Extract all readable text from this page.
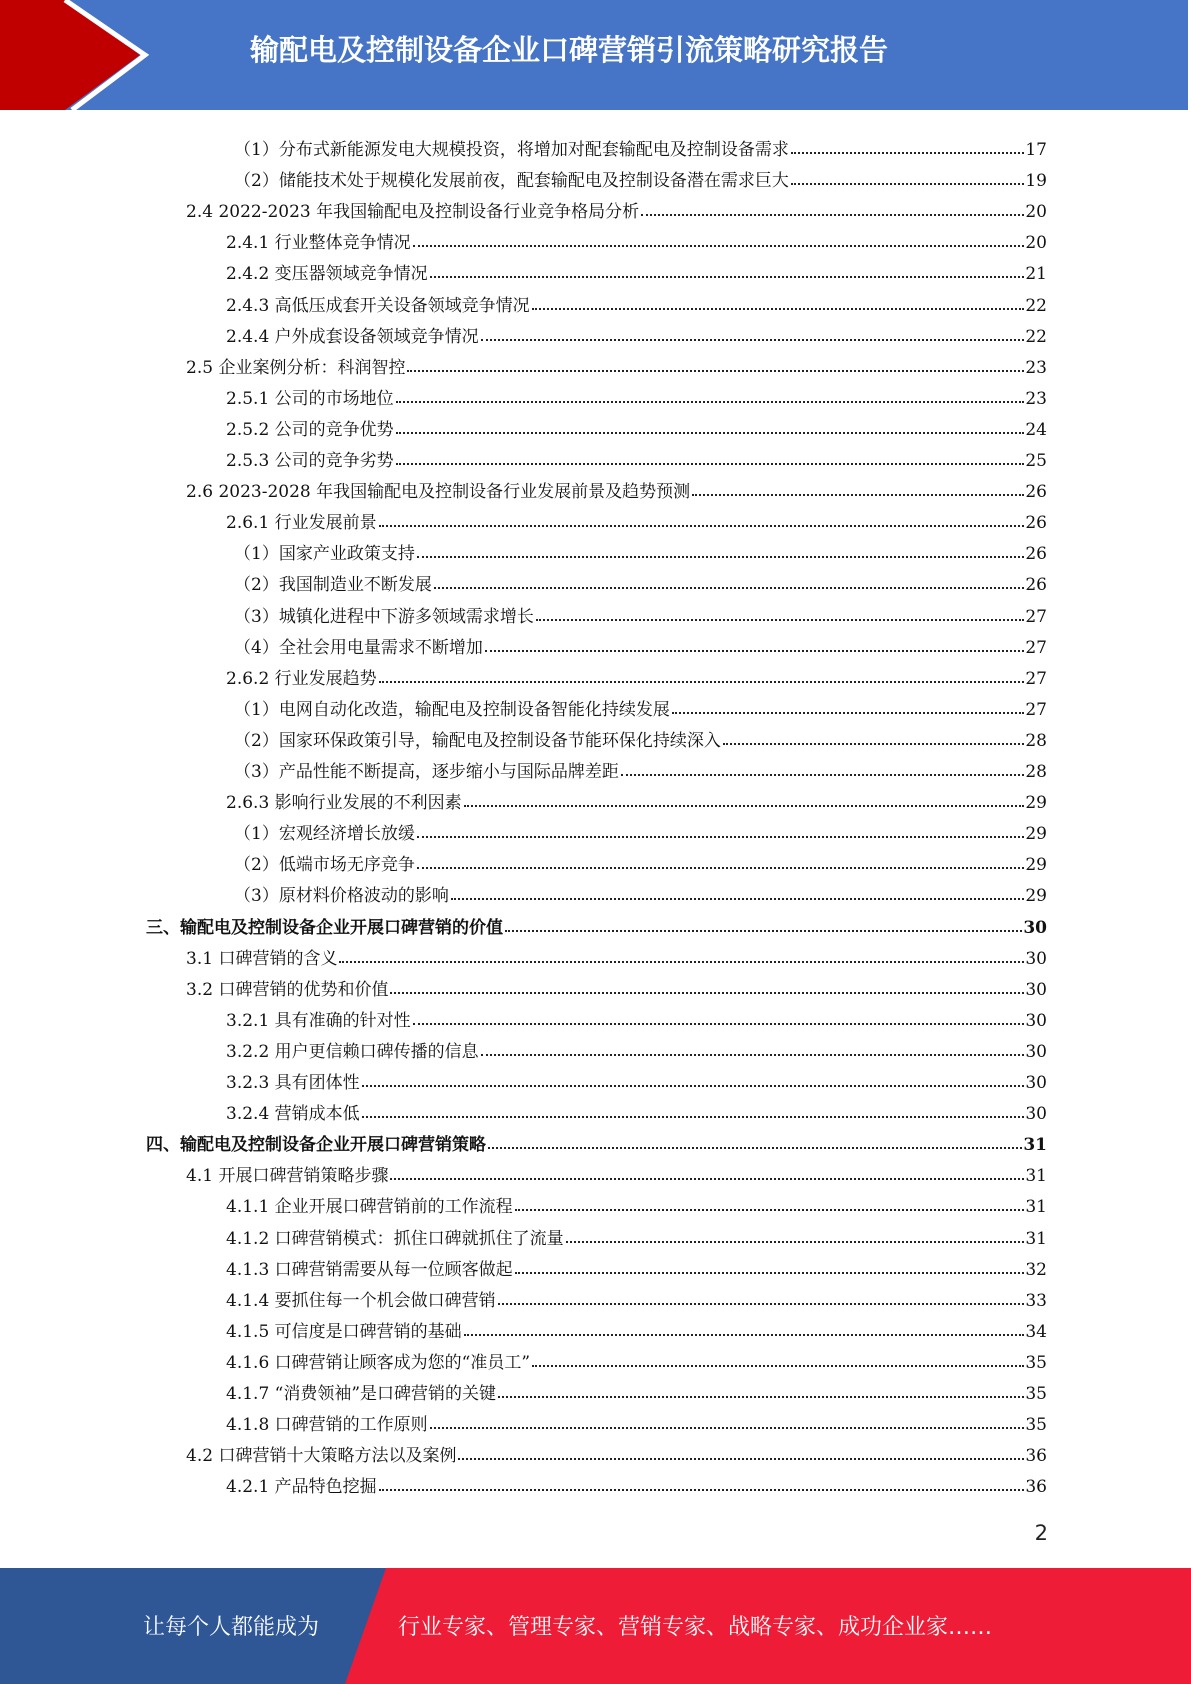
输配电及控制设备企业口碑营销引流策略研究报告
（1）分布式新能源发电大规模投资，将增加对配套输配电及控制设备需求	17
（2）储能技术处于规模化发展前夜，配套输配电及控制设备潜在需求巨大	19
2.4 2022-2023 年我国输配电及控制设备行业竞争格局分析	20
2.4.1 行业整体竞争情况	20
2.4.2 变压器领域竞争情况	21
2.4.3 高低压成套开关设备领域竞争情况	22
2.4.4 户外成套设备领域竞争情况	22
2.5 企业案例分析：科润智控	23
2.5.1 公司的市场地位	23
2.5.2 公司的竞争优势	24
2.5.3 公司的竞争劣势	25
2.6 2023-2028 年我国输配电及控制设备行业发展前景及趋势预测	26
2.6.1 行业发展前景	26
（1）国家产业政策支持	26
（2）我国制造业不断发展	26
（3）城镇化进程中下游多领域需求增长	27
（4）全社会用电量需求不断增加	27
2.6.2 行业发展趋势	27
（1）电网自动化改造，输配电及控制设备智能化持续发展	27
（2）国家环保政策引导，输配电及控制设备节能环保化持续深入	28
（3）产品性能不断提高，逐步缩小与国际品牌差距	28
2.6.3 影响行业发展的不利因素	29
（1）宏观经济增长放缓	29
（2）低端市场无序竞争	29
（3）原材料价格波动的影响	29
三、输配电及控制设备企业开展口碑营销的价值	30
3.1 口碑营销的含义	30
3.2 口碑营销的优势和价值	30
3.2.1 具有准确的针对性	30
3.2.2 用户更信赖口碑传播的信息	30
3.2.3 具有团体性	30
3.2.4 营销成本低	30
四、输配电及控制设备企业开展口碑营销策略	31
4.1 开展口碑营销策略步骤	31
4.1.1 企业开展口碑营销前的工作流程	31
4.1.2 口碑营销模式：抓住口碑就抓住了流量	31
4.1.3 口碑营销需要从每一位顾客做起	32
4.1.4 要抓住每一个机会做口碑营销	33
4.1.5 可信度是口碑营销的基础	34
4.1.6 口碑营销让顾客成为您的“准员工”	35
4.1.7 “消费领袖”是口碑营销的关键	35
4.1.8 口碑营销的工作原则	35
4.2 口碑营销十大策略方法以及案例	36
4.2.1 产品特色挖掘	36
2
让每个人都能成为	行业专家、管理专家、营销专家、战略专家、成功企业家……
